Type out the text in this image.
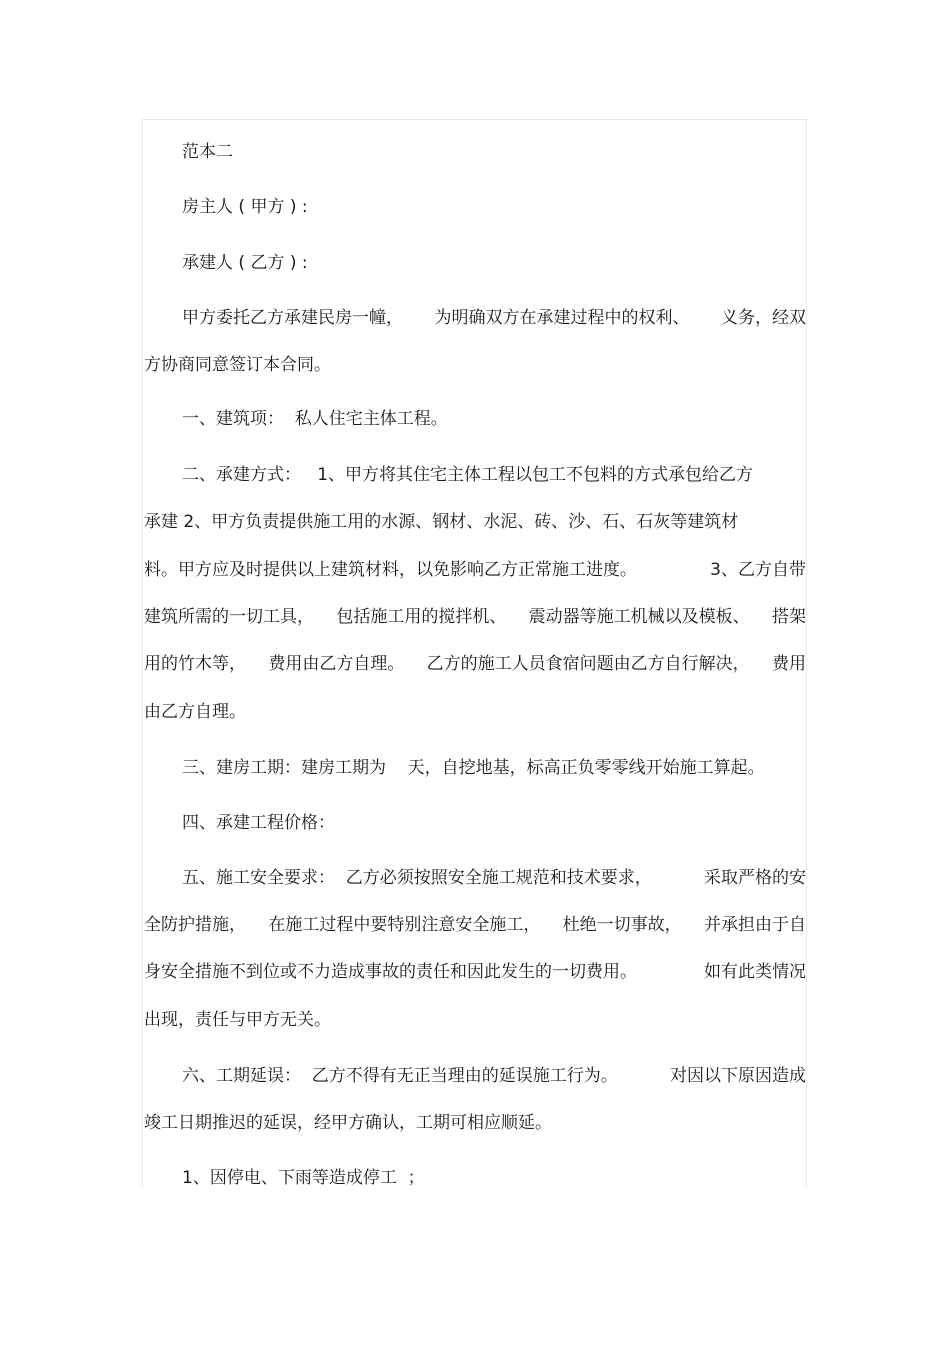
范本二
房主人 ( 甲方 ) :
承建人 ( 乙方 ) :
甲方委托乙方承建民房一幢， 为明确双方在承建过程中的权利、 义务，经双
方协商同意签订本合同。
一、建筑项：  私人住宅主体工程。
二、承建方式：   1、甲方将其住宅主体工程以包工不包料的方式承包给乙方
承建 2、甲方负责提供施工用的水源、钢材、水泥、砖、沙、石、石灰等建筑材
料。甲方应及时提供以上建筑材料，以免影响乙方正常施工进度。	3、乙方自带
建筑所需的一切工具， 包括施工用的搅拌机、 震动器等施工机械以及模板、 搭架
用的竹木等， 费用由乙方自理。 乙方的施工人员食宿问题由乙方自行解决， 费用
由乙方自理。
三、建房工期：建房工期为    天，自挖地基，标高正负零零线开始施工算起。
四、承建工程价格：
五、施工安全要求：  乙方必须按照安全施工规范和技术要求，	采取严格的安
全防护措施， 在施工过程中要特别注意安全施工， 杜绝一切事故， 并承担由于自
身安全措施不到位或不力造成事故的责任和因此发生的一切费用。	如有此类情况
出现，责任与甲方无关。
六、工期延误：  乙方不得有无正当理由的延误施工行为。	对因以下原因造成
竣工日期推迟的延误，经甲方确认，工期可相应顺延。
1、因停电、下雨等造成停工  ；
